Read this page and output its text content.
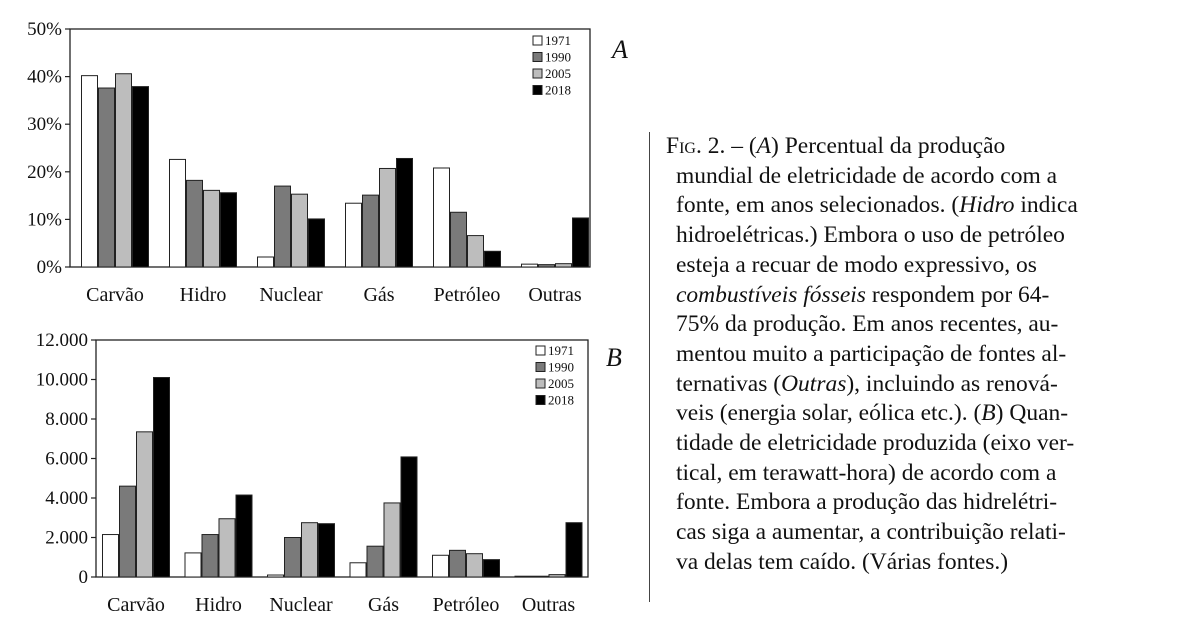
0%
10%
20%
30%
40%
50%
Carvão Hidro Nuclear Gás Petróleo Outras
1971
1990
2005
2018
A
0
2.000
4.000
6.000
8.000
10.000
12.000
Carvão Hidro Nuclear Gás Petróleo Outras
1971
1990
2005
2018
B
Fig. 2. – (A) Percentual da produção
mundial de eletricidade de acordo com a
fonte, em anos selecionados. (Hidro indica
hidroelétricas.) Embora o uso de petróleo
esteja a recuar de modo expressivo, os
combustíveis fósseis respondem por 64-
75% da produção. Em anos recentes, au-
mentou muito a participação de fontes al-
ternativas (Outras), incluindo as renová-
veis (energia solar, eólica etc.). (B) Quan-
tidade de eletricidade produzida (eixo ver-
tical, em terawatt-hora) de acordo com a
fonte. Embora a produção das hidrelétri-
cas siga a aumentar, a contribuição relati-
va delas tem caído. (Várias fontes.)
